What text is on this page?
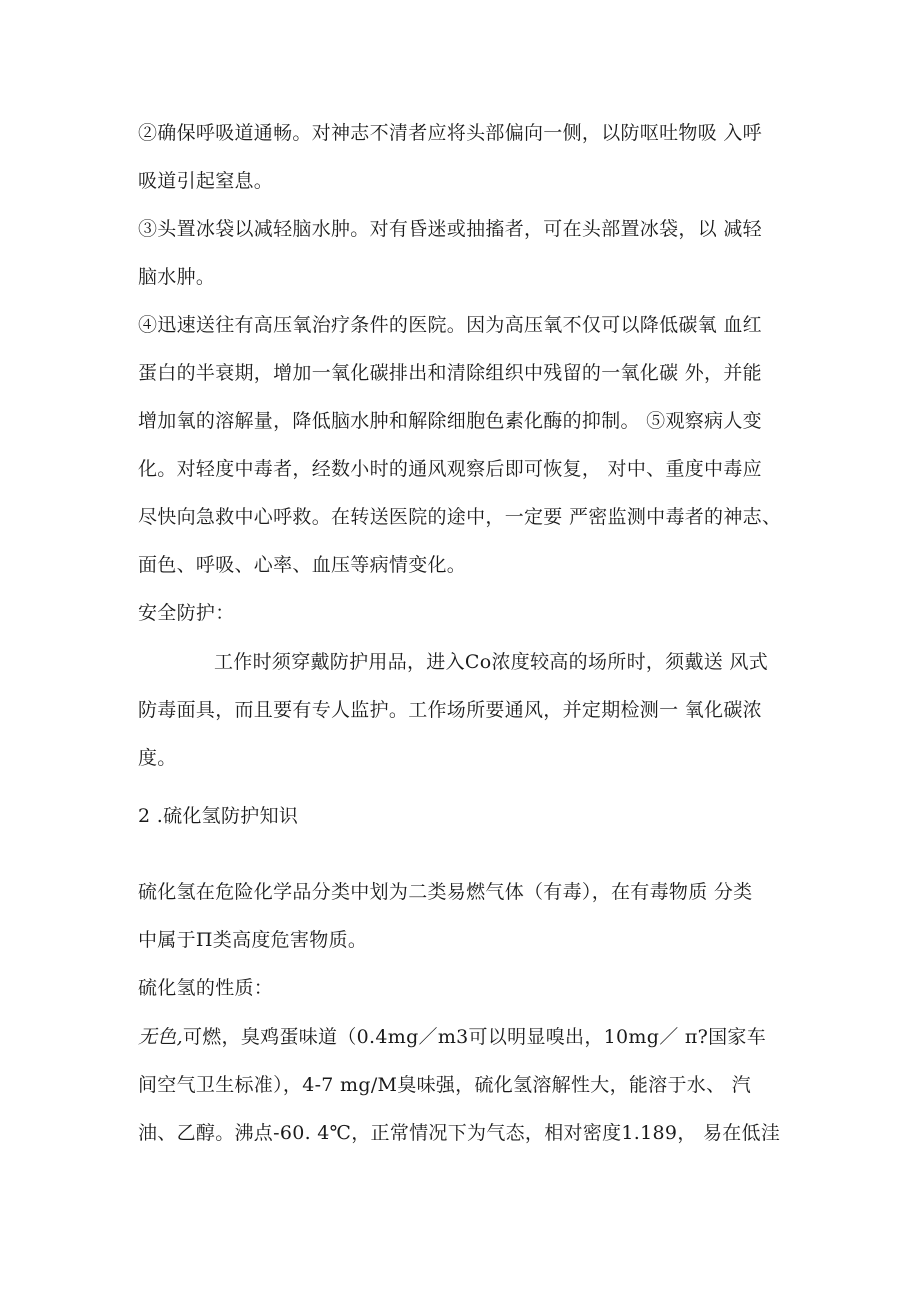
②确保呼吸道通畅。对神志不清者应将头部偏向一侧，以防呕吐物吸 入呼
吸道引起窒息。
③头置冰袋以减轻脑水肿。对有昏迷或抽搐者，可在头部置冰袋，以 减轻
脑水肿。
④迅速送往有高压氧治疗条件的医院。因为高压氧不仅可以降低碳氧 血红
蛋白的半衰期，增加一氧化碳排出和清除组织中残留的一氧化碳 外，并能
增加氧的溶解量，降低脑水肿和解除细胞色素化酶的抑制。 ⑤观察病人变
化。对轻度中毒者，经数小时的通风观察后即可恢复， 对中、重度中毒应
尽快向急救中心呼救。在转送医院的途中，一定要 严密监测中毒者的神志、
面色、呼吸、心率、血压等病情变化。
安全防护：
工作时须穿戴防护用品，进入Co浓度较高的场所时，须戴送 风式
防毒面具，而且要有专人监护。工作场所要通风，并定期检测一 氧化碳浓
度。
2 .硫化氢防护知识
硫化氢在危险化学品分类中划为二类易燃气体（有毒），在有毒物质 分类
中属于Π类高度危害物质。
硫化氢的性质：
无色,可燃，臭鸡蛋味道（0.4mg／m3可以明显嗅出，10mg／ π?国家车
间空气卫生标准），4-7 mg/M臭味强，硫化氢溶解性大，能溶于水、 汽
油、乙醇。沸点-60. 4℃，正常情况下为气态，相对密度1.189， 易在低洼
